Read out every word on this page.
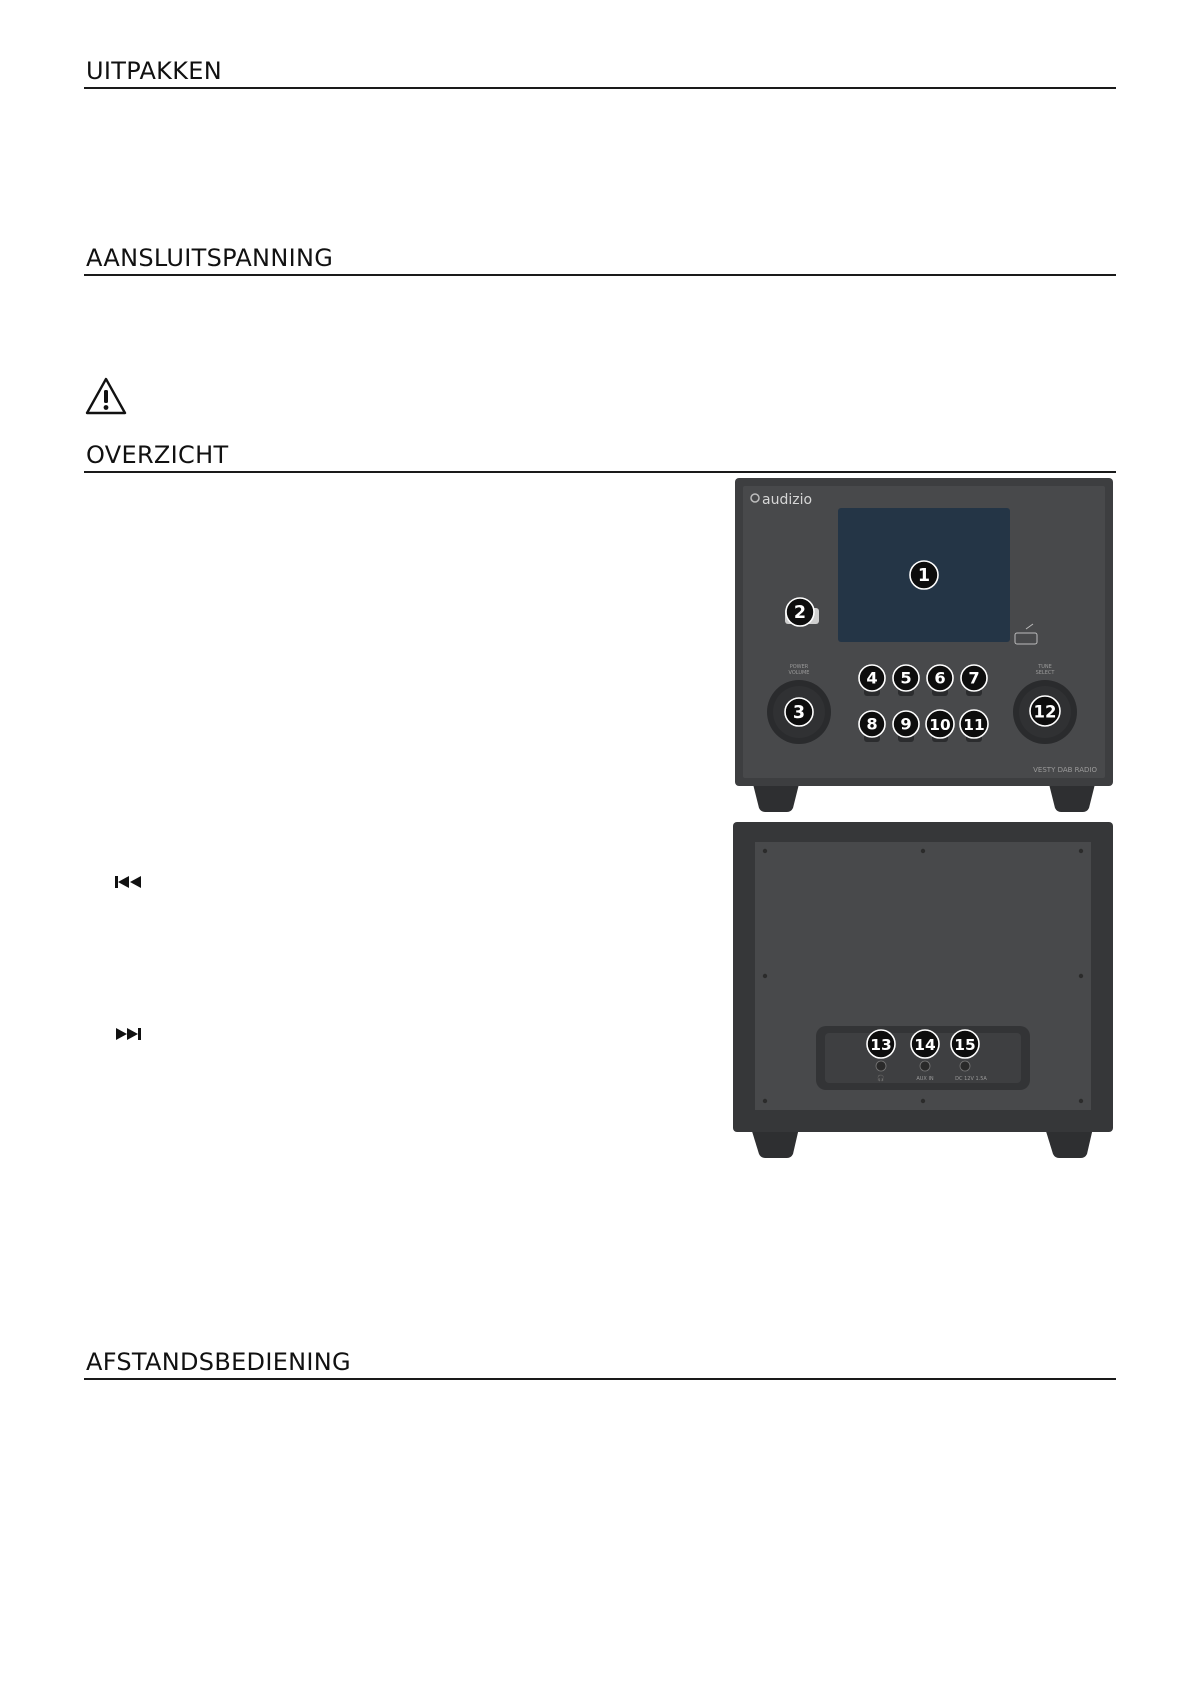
UITPAKKEN
AANSLUITSPANNING
OVERZICHT
AFSTANDSBEDIENING
audizio
POWER
VOLUME
TUNE
SELECT
VESTY DAB RADIO
1
2
3
4 5 6 7
8 9 10 11
12
🎧	AUX IN	DC 12V 1.5A
13 14 15
